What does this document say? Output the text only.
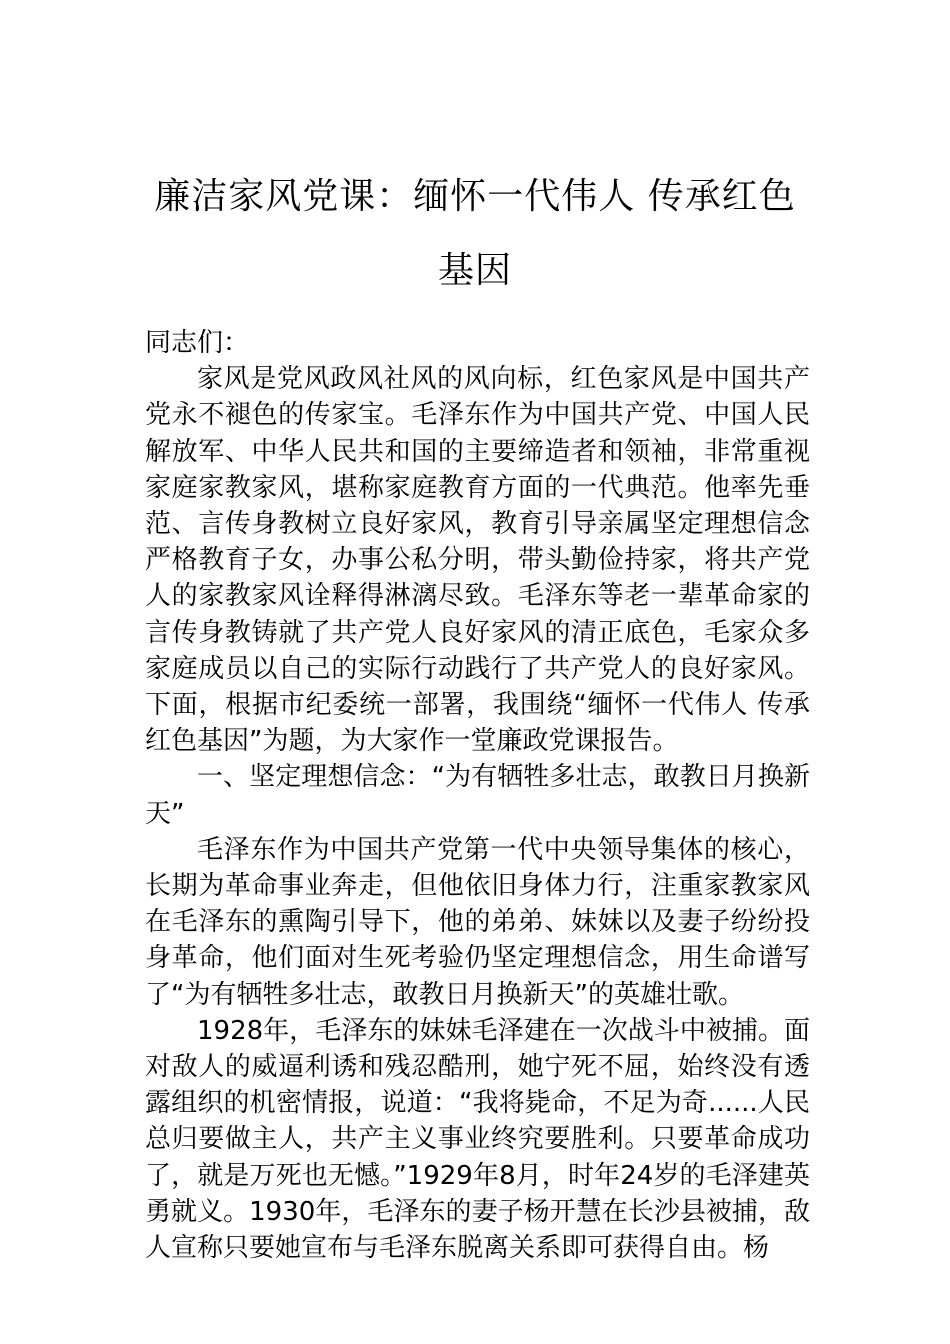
廉洁家风党课：缅怀一代伟人 传承红色基因

同志们：

家风是党风政风社风的风向标，红色家风是中国共产党永不褪色的传家宝。毛泽东作为中国共产党、中国人民解放军、中华人民共和国的主要缔造者和领袖，非常重视家庭家教家风，堪称家庭教育方面的一代典范。他率先垂范、言传身教树立良好家风，教育引导亲属坚定理想信念严格教育子女，办事公私分明，带头勤俭持家，将共产党人的家教家风诠释得淋漓尽致。毛泽东等老一辈革命家的言传身教铸就了共产党人良好家风的清正底色，毛家众多家庭成员以自己的实际行动践行了共产党人的良好家风。下面，根据市纪委统一部署，我围绕“缅怀一代伟人 传承红色基因”为题，为大家作一堂廉政党课报告。

一、坚定理想信念：“为有牺牲多壮志，敢教日月换新天”

毛泽东作为中国共产党第一代中央领导集体的核心，长期为革命事业奔走，但他依旧身体力行，注重家教家风在毛泽东的熏陶引导下，他的弟弟、妹妹以及妻子纷纷投身革命，他们面对生死考验仍坚定理想信念，用生命谱写了“为有牺牲多壮志，敢教日月换新天”的英雄壮歌。

1928年，毛泽东的妹妹毛泽建在一次战斗中被捕。面对敌人的威逼利诱和残忍酷刑，她宁死不屈，始终没有透露组织的机密情报，说道：“我将毙命，不足为奇......人民总归要做主人，共产主义事业终究要胜利。只要革命成功了，就是万死也无憾。”1929年8月，时年24岁的毛泽建英勇就义。1930年，毛泽东的妻子杨开慧在长沙县被捕，敌人宣称只要她宣布与毛泽东脱离关系即可获得自由。杨
